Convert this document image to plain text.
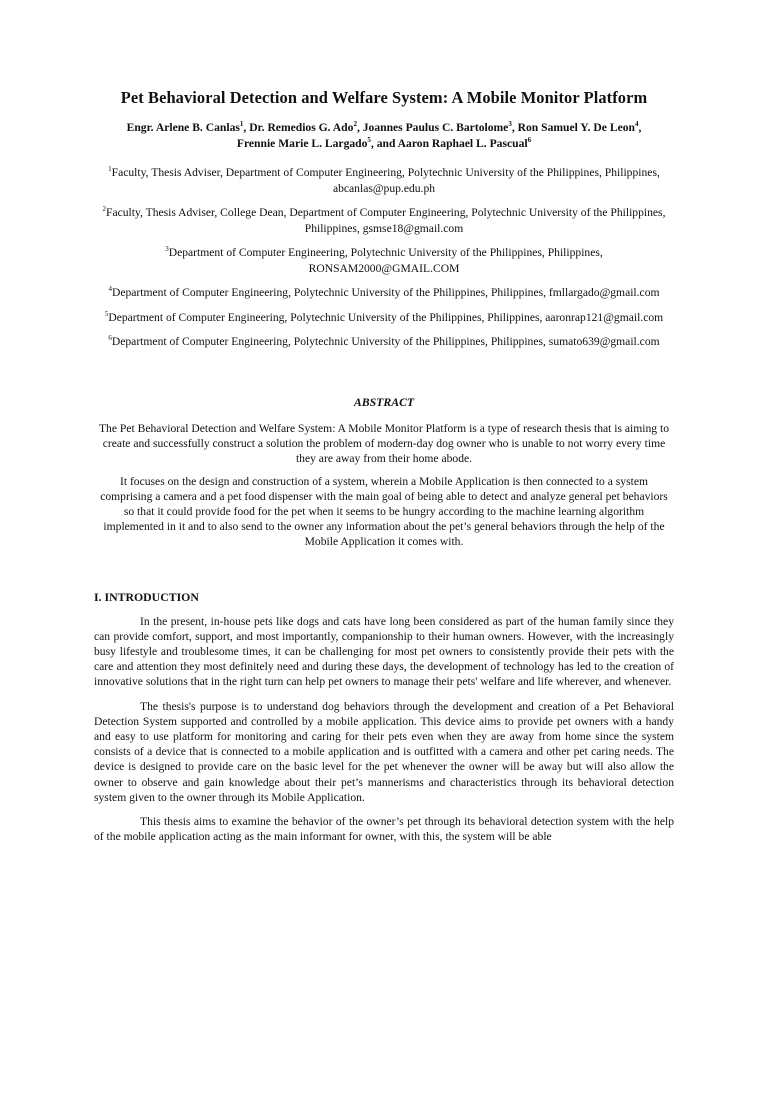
Pet Behavioral Detection and Welfare System: A Mobile Monitor Platform
Engr. Arlene B. Canlas$^1$, Dr. Remedios G. Ado$^2$, Joannes Paulus C. Bartolome$^3$, Ron Samuel Y. De Leon$^4$,
Frennie Marie L. Largado$^5$, and Aaron Raphael L. Pascual$^6$

$^1$Faculty, Thesis Adviser, Department of Computer Engineering, Polytechnic University of the Philippines, Philippines, abcanlas@pup.edu.ph

$^2$Faculty, Thesis Adviser, College Dean, Department of Computer Engineering, Polytechnic University of the Philippines, Philippines, gsmse18@gmail.com

$^3$Department of Computer Engineering, Polytechnic University of the Philippines, Philippines, RONSAM2000@GMAIL.COM

$^4$Department of Computer Engineering, Polytechnic University of the Philippines, Philippines, fmllargado@gmail.com

$^5$Department of Computer Engineering, Polytechnic University of the Philippines, Philippines, aaronrap121@gmail.com

$^6$Department of Computer Engineering, Polytechnic University of the Philippines, Philippines, sumato639@gmail.com

ABSTRACT

The Pet Behavioral Detection and Welfare System: A Mobile Monitor Platform is a type of research thesis that is aiming to create and successfully construct a solution the problem of modern-day dog owner who is unable to not worry every time they are away from their home abode.

It focuses on the design and construction of a system, wherein a Mobile Application is then connected to a system comprising a camera and a pet food dispenser with the main goal of being able to detect and analyze general pet behaviors so that it could provide food for the pet when it seems to be hungry according to the machine learning algorithm implemented in it and to also send to the owner any information about the pet’s general behaviors through the help of the Mobile Application it comes with.

I. INTRODUCTION

In the present, in-house pets like dogs and cats have long been considered as part of the human family since they can provide comfort, support, and most importantly, companionship to their human owners. However, with the increasingly busy lifestyle and troublesome times, it can be challenging for most pet owners to consistently provide their pets with the care and attention they most definitely need and during these days, the development of technology has led to the creation of innovative solutions that in the right turn can help pet owners to manage their pets' welfare and life wherever, and whenever.

The thesis's purpose is to understand dog behaviors through the development and creation of a Pet Behavioral Detection System supported and controlled by a mobile application. This device aims to provide pet owners with a handy and easy to use platform for monitoring and caring for their pets even when they are away from home since the system consists of a device that is connected to a mobile application and is outfitted with a camera and other pet caring needs. The device is designed to provide care on the basic level for the pet whenever the owner will be away but will also allow the owner to observe and gain knowledge about their pet’s mannerisms and characteristics through its behavioral detection system given to the owner through its Mobile Application.

This thesis aims to examine the behavior of the owner’s pet through its behavioral detection system with the help of the mobile application acting as the main informant for owner, with this, the system will be able
